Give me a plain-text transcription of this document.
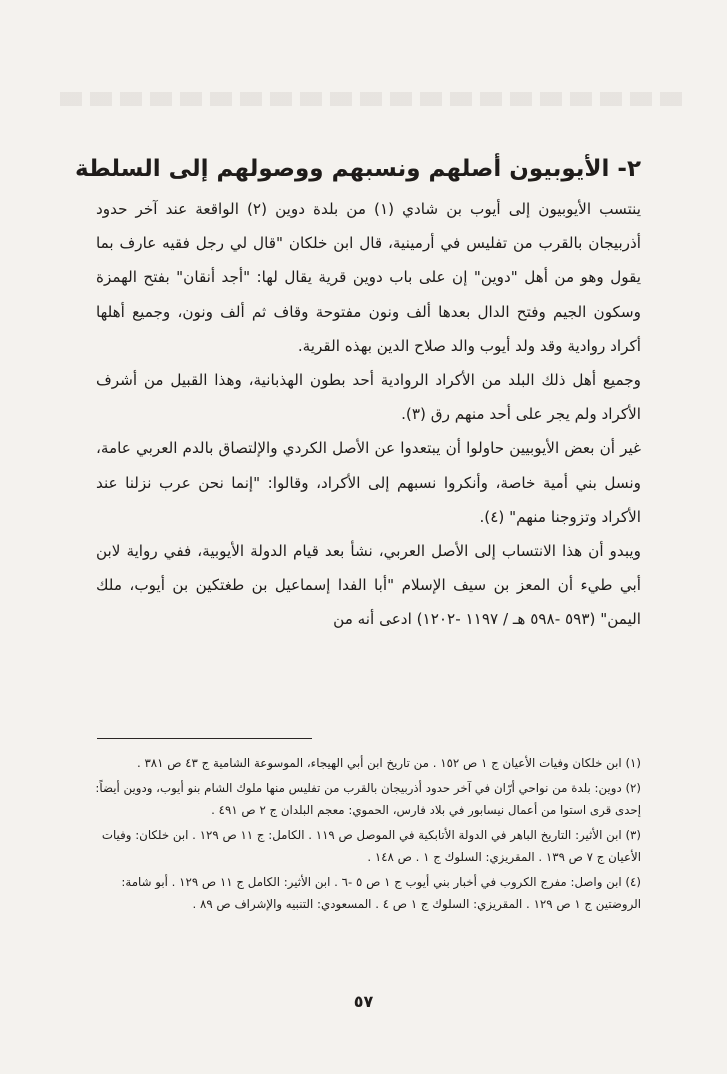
٢- الأيوبيون أصلهم ونسبهم ووصولهم إلى السلطة

ينتسب الأيوبيون إلى أيوب بن شادي (١) من بلدة دوين (٢) الواقعة عند آخر حدود أذربيجان بالقرب من تفليس في أرمينية، قال ابن خلكان "قال لي رجل فقيه عارف بما يقول وهو من أهل "دوين" إن على باب دوين قرية يقال لها: "أجد أنقان" بفتح الهمزة وسكون الجيم وفتح الدال بعدها ألف ونون مفتوحة وقاف ثم ألف ونون، وجميع أهلها أكراد روادية وقد ولد أيوب والد صلاح الدين بهذه القرية.

وجميع أهل ذلك البلد من الأكراد الروادية أحد بطون الهذبانية، وهذا القبيل من أشرف الأكراد ولم يجر على أحد منهم رق (٣).

غير أن بعض الأيوبيين حاولوا أن يبتعدوا عن الأصل الكردي والإلتصاق بالدم العربي عامة، ونسل بني أمية خاصة، وأنكروا نسبهم إلى الأكراد، وقالوا: "إنما نحن عرب نزلنا عند الأكراد وتزوجنا منهم" (٤).

ويبدو أن هذا الانتساب إلى الأصل العربي، نشأ بعد قيام الدولة الأيوبية، ففي رواية لابن أبي طيء أن المعز بن سيف الإسلام "أبا الفدا إسماعيل بن طغتكين بن أيوب، ملك اليمن" (٥٩٣ -٥٩٨ هـ / ١١٩٧ -١٢٠٢) ادعى أنه من

(١) ابن خلكان وفيات الأعيان ج ١ ص ١٥٢ . من تاريخ ابن أبي الهيجاء، الموسوعة الشامية ج ٤٣ ص ٣٨١ .

(٢) دوين: بلدة من نواحي أرّان في آخر حدود أذربيجان بالقرب من تفليس منها ملوك الشام بنو أيوب، ودوين أيضاً: إحدى قرى استوا من أعمال نيسابور في بلاد فارس، الحموي: معجم البلدان ج ٢ ص ٤٩١ .

(٣) ابن الأثير: التاريخ الباهر في الدولة الأتابكية في الموصل ص ١١٩ . الكامل: ج ١١ ص ١٢٩ . ابن خلكان: وفيات الأعيان ج ٧ ص ١٣٩ . المقريزي: السلوك ج ١ . ص ١٤٨ .

(٤) ابن واصل: مفرج الكروب في أخبار بني أيوب ج ١ ص ٥ -٦ . ابن الأثير: الكامل ج ١١ ص ١٢٩ . أبو شامة: الروضتين ج ١ ص ١٢٩ . المقريزي: السلوك ج ١ ص ٤ . المسعودي: التنبيه والإشراف ص ٨٩ .

٥٧
